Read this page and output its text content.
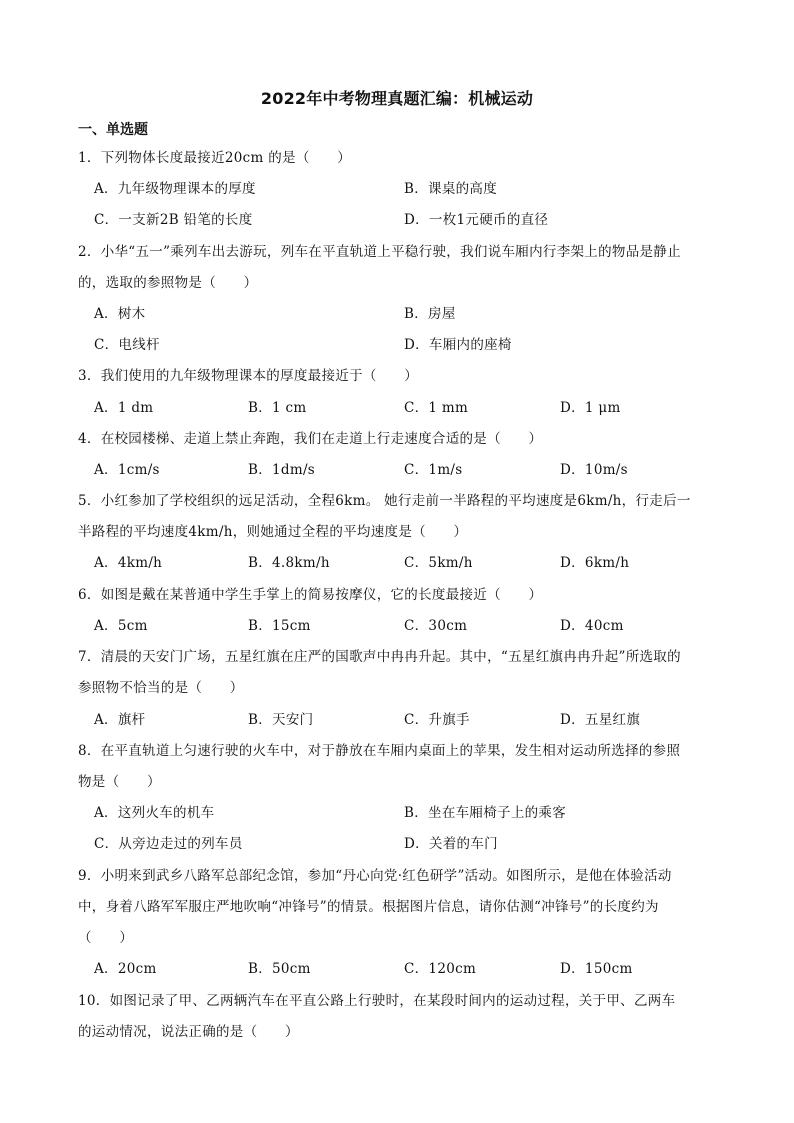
2022年中考物理真题汇编：机械运动
一、单选题
1．下列物体长度最接近20cm 的是（　　）
A．九年级物理课本的厚度	B．课桌的高度
C．一支新2B 铅笔的长度	D．一枚1元硬币的直径
2．小华“五一”乘列车出去游玩，列车在平直轨道上平稳行驶，我们说车厢内行李架上的物品是静止
的，选取的参照物是（　　）
A．树木	B．房屋
C．电线杆	D．车厢内的座椅
3．我们使用的九年级物理课本的厚度最接近于（　　）
A．1 dm	B．1 cm	C．1 mm	D．1 μm
4．在校园楼梯、走道上禁止奔跑，我们在走道上行走速度合适的是（　　）
A．1cm/s	B．1dm/s	C．1m/s	D．10m/s
5．小红参加了学校组织的远足活动，全程6km。 她行走前一半路程的平均速度是6km/h，行走后一
半路程的平均速度4km/h，则她通过全程的平均速度是（　　）
A．4km/h	B．4.8km/h	C．5km/h	D．6km/h
6．如图是戴在某普通中学生手掌上的简易按摩仪，它的长度最接近（　　）
A．5cm	B．15cm	C．30cm	D．40cm
7．清晨的天安门广场，五星红旗在庄严的国歌声中冉冉升起。其中，“五星红旗冉冉升起”所选取的
参照物不恰当的是（　　）
A．旗杆	B．天安门	C．升旗手	D．五星红旗
8．在平直轨道上匀速行驶的火车中，对于静放在车厢内桌面上的苹果，发生相对运动所选择的参照
物是（　　）
A．这列火车的机车	B．坐在车厢椅子上的乘客
C．从旁边走过的列车员	D．关着的车门
9．小明来到武乡八路军总部纪念馆，参加“丹心向党·红色研学”活动。如图所示，是他在体验活动
中，身着八路军军服庄严地吹响“冲锋号”的情景。根据图片信息，请你估测“冲锋号”的长度约为
（　　）
A．20cm	B．50cm	C．120cm	D．150cm
10．如图记录了甲、乙两辆汽车在平直公路上行驶时，在某段时间内的运动过程，关于甲、乙两车
的运动情况，说法正确的是（　　）
